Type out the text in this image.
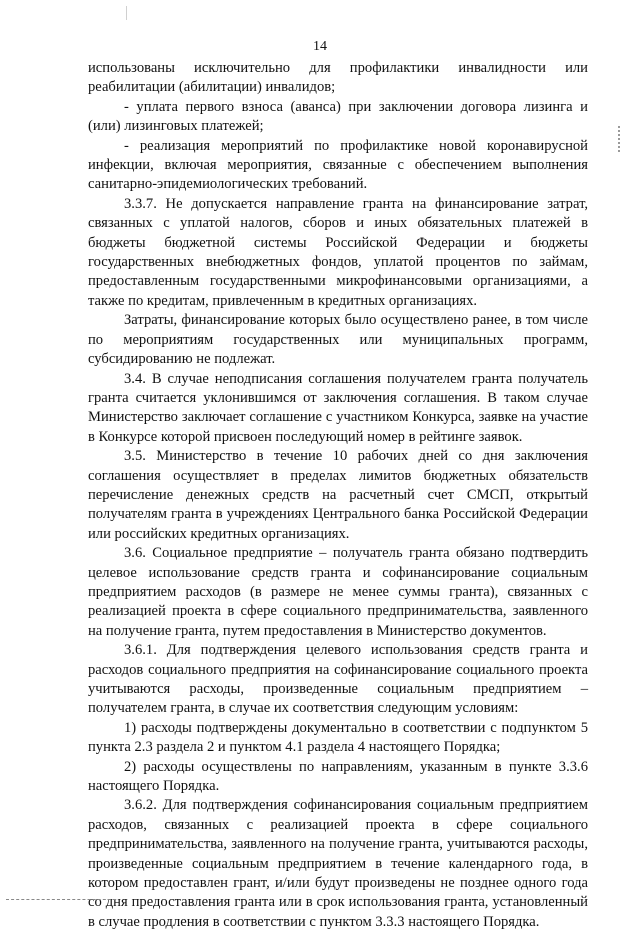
14

использованы исключительно для профилактики инвалидности или реабилитации (абилитации) инвалидов;

- уплата первого взноса (аванса) при заключении договора лизинга и (или) лизинговых платежей;

- реализация мероприятий по профилактике новой коронавирусной инфекции, включая мероприятия, связанные с обеспечением выполнения санитарно-эпидемиологических требований.

3.3.7. Не допускается направление гранта на финансирование затрат, связанных с уплатой налогов, сборов и иных обязательных платежей в бюджеты бюджетной системы Российской Федерации и бюджеты государственных внебюджетных фондов, уплатой процентов по займам, предоставленным государственными микрофинансовыми организациями, а также по кредитам, привлеченным в кредитных организациях.

Затраты, финансирование которых было осуществлено ранее, в том числе по мероприятиям государственных или муниципальных программ, субсидированию не подлежат.

3.4. В случае неподписания соглашения получателем гранта получатель гранта считается уклонившимся от заключения соглашения. В таком случае Министерство заключает соглашение с участником Конкурса, заявке на участие в Конкурсе которой присвоен последующий номер в рейтинге заявок.

3.5. Министерство в течение 10 рабочих дней со дня заключения соглашения осуществляет в пределах лимитов бюджетных обязательств перечисление денежных средств на расчетный счет СМСП, открытый получателям гранта в учреждениях Центрального банка Российской Федерации или российских кредитных организациях.

3.6. Социальное предприятие – получатель гранта обязано подтвердить целевое использование средств гранта и софинансирование социальным предприятием расходов (в размере не менее суммы гранта), связанных с реализацией проекта в сфере социального предпринимательства, заявленного на получение гранта, путем предоставления в Министерство документов.

3.6.1. Для подтверждения целевого использования средств гранта и расходов социального предприятия на софинансирование социального проекта учитываются расходы, произведенные социальным предприятием – получателем гранта, в случае их соответствия следующим условиям:

1) расходы подтверждены документально в соответствии с подпунктом 5 пункта 2.3 раздела 2 и пунктом 4.1 раздела 4 настоящего Порядка;

2) расходы осуществлены по направлениям, указанным в пункте 3.3.6 настоящего Порядка.

3.6.2. Для подтверждения софинансирования социальным предприятием расходов, связанных с реализацией проекта в сфере социального предпринимательства, заявленного на получение гранта, учитываются расходы, произведенные социальным предприятием в течение календарного года, в котором предоставлен грант, и/или будут произведены не позднее одного года со дня предоставления гранта или в срок использования гранта, установленный в случае продления в соответствии с пунктом 3.3.3 настоящего Порядка.
